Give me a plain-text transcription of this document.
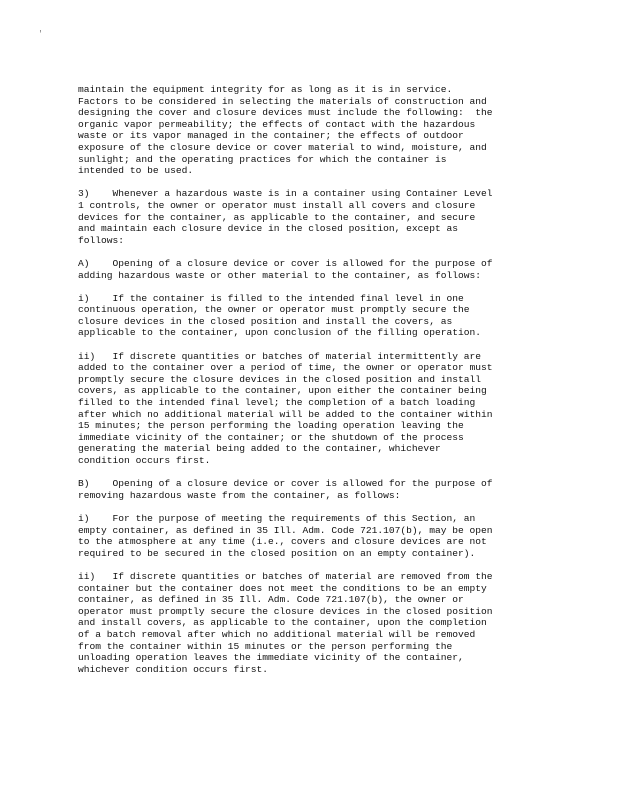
'

maintain the equipment integrity for as long as it is in service.
Factors to be considered in selecting the materials of construction and
designing the cover and closure devices must include the following:  the
organic vapor permeability; the effects of contact with the hazardous
waste or its vapor managed in the container; the effects of outdoor
exposure of the closure device or cover material to wind, moisture, and
sunlight; and the operating practices for which the container is
intended to be used.

3)    Whenever a hazardous waste is in a container using Container Level
1 controls, the owner or operator must install all covers and closure
devices for the container, as applicable to the container, and secure
and maintain each closure device in the closed position, except as
follows:

A)    Opening of a closure device or cover is allowed for the purpose of
adding hazardous waste or other material to the container, as follows:

i)    If the container is filled to the intended final level in one
continuous operation, the owner or operator must promptly secure the
closure devices in the closed position and install the covers, as
applicable to the container, upon conclusion of the filling operation.

ii)   If discrete quantities or batches of material intermittently are
added to the container over a period of time, the owner or operator must
promptly secure the closure devices in the closed position and install
covers, as applicable to the container, upon either the container being
filled to the intended final level; the completion of a batch loading
after which no additional material will be added to the container within
15 minutes; the person performing the loading operation leaving the
immediate vicinity of the container; or the shutdown of the process
generating the material being added to the container, whichever
condition occurs first.

B)    Opening of a closure device or cover is allowed for the purpose of
removing hazardous waste from the container, as follows:

i)    For the purpose of meeting the requirements of this Section, an
empty container, as defined in 35 Ill. Adm. Code 721.107(b), may be open
to the atmosphere at any time (i.e., covers and closure devices are not
required to be secured in the closed position on an empty container).

ii)   If discrete quantities or batches of material are removed from the
container but the container does not meet the conditions to be an empty
container, as defined in 35 Ill. Adm. Code 721.107(b), the owner or
operator must promptly secure the closure devices in the closed position
and install covers, as applicable to the container, upon the completion
of a batch removal after which no additional material will be removed
from the container within 15 minutes or the person performing the
unloading operation leaves the immediate vicinity of the container,
whichever condition occurs first.
